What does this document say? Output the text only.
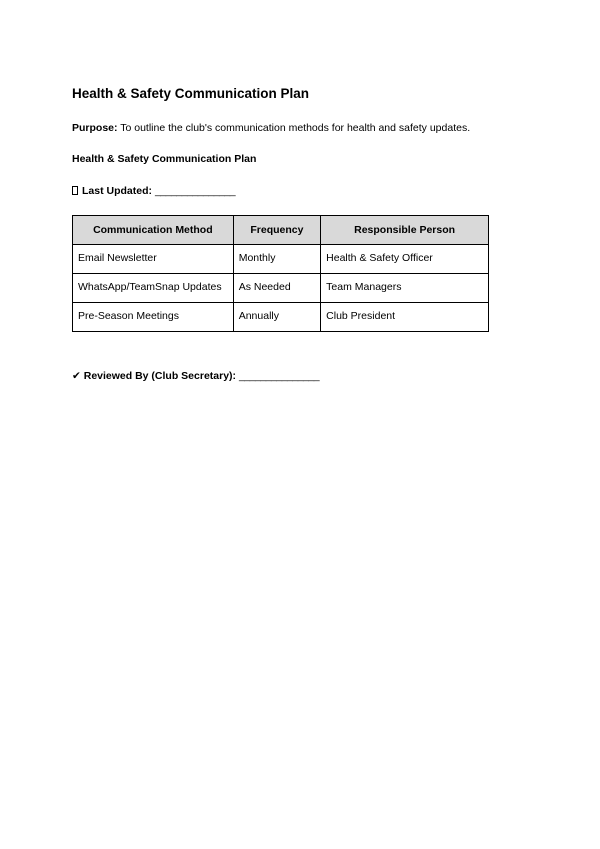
Health & Safety Communication Plan
Purpose: To outline the club's communication methods for health and safety updates.
Health & Safety Communication Plan
Last Updated: _______________
Communication Method	Frequency	Responsible Person
Email Newsletter	Monthly	Health & Safety Officer
WhatsApp/TeamSnap Updates	As Needed	Team Managers
Pre-Season Meetings	Annually	Club President
✔ Reviewed By (Club Secretary): _______________
